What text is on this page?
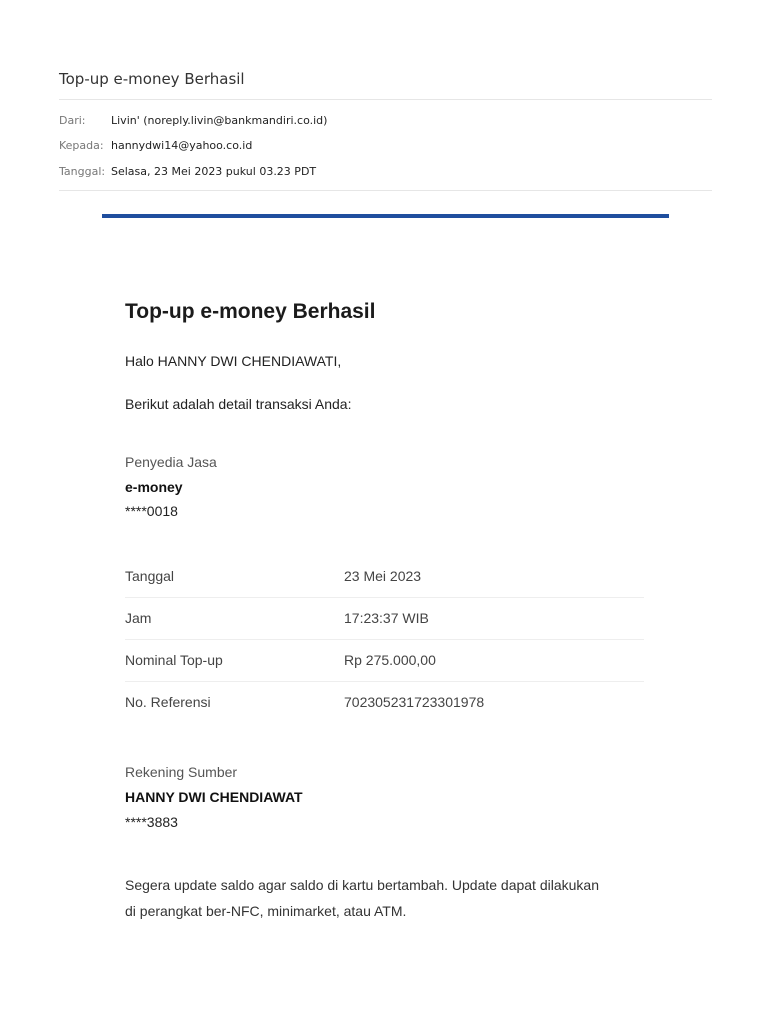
Top-up e-money Berhasil
Dari:	Livin' (noreply.livin@bankmandiri.co.id)
Kepada: hannydwi14@yahoo.co.id
Tanggal: Selasa, 23 Mei 2023 pukul 03.23 PDT
Top-up e-money Berhasil
Halo HANNY DWI CHENDIAWATI,
Berikut adalah detail transaksi Anda:
Penyedia Jasa
e-money
****0018
Tanggal	23 Mei 2023
Jam	17:23:37 WIB
Nominal Top-up	Rp 275.000,00
No. Referensi	702305231723301978
Rekening Sumber
HANNY DWI CHENDIAWAT
****3883
Segera update saldo agar saldo di kartu bertambah. Update dapat dilakukan
di perangkat ber-NFC, minimarket, atau ATM.
